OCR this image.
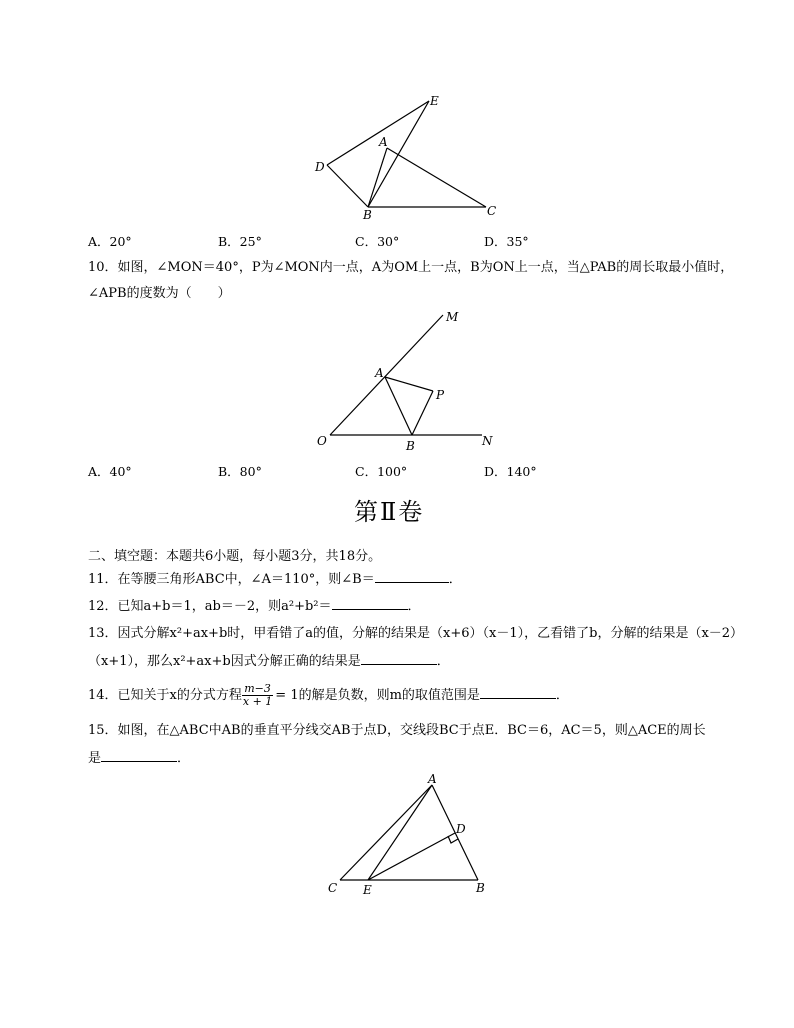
E
A
D
B	C
A．20°	B．25°	C．30°	D．35°
10．如图，∠MON＝40°，P为∠MON内一点，A为OM上一点，B为ON上一点，当△PAB的周长取最小值时，
∠APB的度数为（　　）
M
A
P
O	B	N
A．40°	B．80°	C．100°	D．140°
第Ⅱ卷
二、填空题：本题共6小题，每小题3分，共18分。
11．在等腰三角形ABC中，∠A＝110°，则∠B＝	．
12．已知a+b＝1，ab＝－2，则a²+b²＝	．
13．因式分解x²+ax+b时，甲看错了a的值，分解的结果是（x+6）（x－1），乙看错了b，分解的结果是（x－2）
（x+1），那么x²+ax+b因式分解正确的结果是	．
14．已知关于x的分式方程 $\frac{m-3}{x + 1} = 1$的解是负数，则m的取值范围是	．
15．如图，在△ABC中AB的垂直平分线交AB于点D，交线段BC于点E．BC＝6，AC＝5，则△ACE的周长
是	．
A
D
C E	B
